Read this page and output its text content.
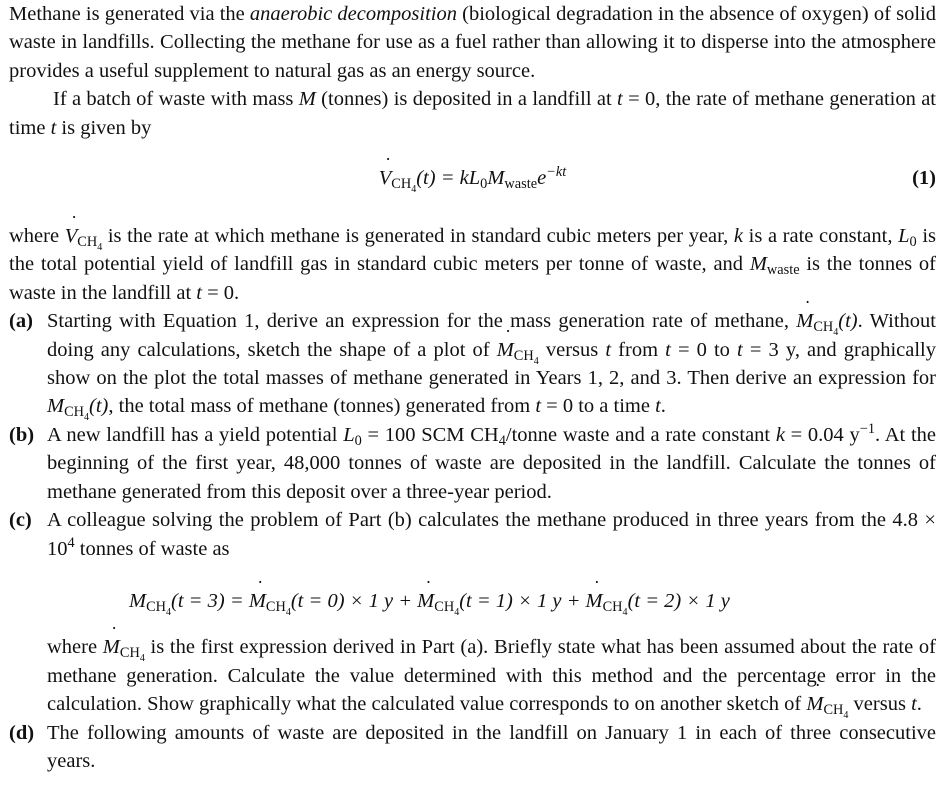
Methane is generated via the anaerobic decomposition (biological degradation in the absence of oxygen) of solid waste in landfills. Collecting the methane for use as a fuel rather than allowing it to disperse into the atmosphere provides a useful supplement to natural gas as an energy source.

If a batch of waste with mass M (tonnes) is deposited in a landfill at t = 0, the rate of methane generation at time t is given by

˙ $V_{CH_4}(t) = kL_0M_{waste}e^{-kt}$	(1)

where ˙ $V_{CH_4}$ is the rate at which methane is generated in standard cubic meters per year, k is a rate constant, $L_0$ is the total potential yield of landfill gas in standard cubic meters per tonne of waste, and $M_{waste}$ is the tonnes of waste in the landfill at t = 0.

(a) Starting with Equation 1, derive an expression for the mass generation rate of methane, ˙ $M_{CH_4}(t)$. Without doing any calculations, sketch the shape of a plot of ˙ $M_{CH_4}$ versus t from t = 0 to t = 3 y, and graphically show on the plot the total masses of methane generated in Years 1, 2, and 3. Then derive an expression for $M_{CH_4}(t)$, the total mass of methane (tonnes) generated from t = 0 to a time t.

(b) A new landfill has a yield potential $L_0 = 100$ SCM $CH_4$/tonne waste and a rate constant k = 0.04 $y^{-1}$. At the beginning of the first year, 48,000 tonnes of waste are deposited in the landfill. Calculate the tonnes of methane generated from this deposit over a three-year period.

(c) A colleague solving the problem of Part (b) calculates the methane produced in three years from the $4.8 \times 10^4$ tonnes of waste as

$M_{CH_4}(t = 3)$ = ˙ $M_{CH_4}(t = 0) \times 1$ y + ˙ $M_{CH_4}(t = 1) \times 1$ y + ˙ $M_{CH_4}(t = 2) \times 1$ y

where ˙ $M_{CH_4}$ is the first expression derived in Part (a). Briefly state what has been assumed about the rate of methane generation. Calculate the value determined with this method and the percentage error in the calculation. Show graphically what the calculated value corresponds to on another sketch of ˙ $M_{CH_4}$ versus t.

(d) The following amounts of waste are deposited in the landfill on January 1 in each of three consecutive years.
